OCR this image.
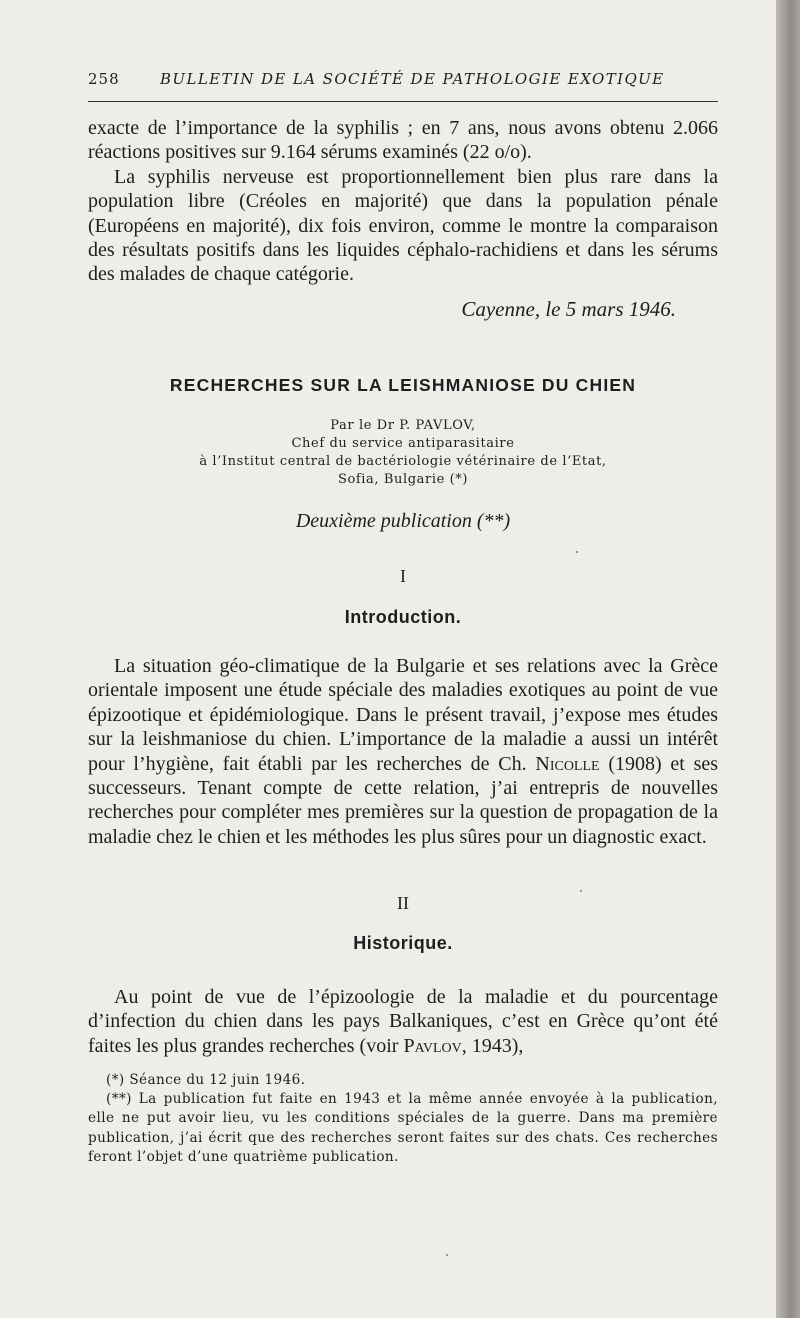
258	BULLETIN DE LA SOCIÉTÉ DE PATHOLOGIE EXOTIQUE

exacte de l’importance de la syphilis ; en 7 ans, nous avons obtenu 2.066 réactions positives sur 9.164 sérums examinés (22 o/o).

La syphilis nerveuse est proportionnellement bien plus rare dans la population libre (Créoles en majorité) que dans la population pénale (Européens en majorité), dix fois environ, comme le montre la comparaison des résultats positifs dans les liquides céphalo-rachidiens et dans les sérums des malades de chaque catégorie.

Cayenne, le 5 mars 1946.
RECHERCHES SUR LA LEISHMANIOSE DU CHIEN
Par le Dr P. PAVLOV,
Chef du service antiparasitaire
à l’Institut central de bactériologie vétérinaire de l’Etat,
Sofia, Bulgarie (*)
Deuxième publication (**)
I
Introduction.

La situation géo-climatique de la Bulgarie et ses relations avec la Grèce orientale imposent une étude spéciale des maladies exotiques au point de vue épizootique et épidémiologique. Dans le présent travail, j’expose mes études sur la leishmaniose du chien. L’importance de la maladie a aussi un intérêt pour l’hygiène, fait établi par les recherches de Ch. Nicolle (1908) et ses successeurs. Tenant compte de cette relation, j’ai entrepris de nouvelles recherches pour compléter mes premières sur la question de propagation de la maladie chez le chien et les méthodes les plus sûres pour un diagnostic exact.

II
Historique.

Au point de vue de l’épizoologie de la maladie et du pourcentage d’infection du chien dans les pays Balkaniques, c’est en Grèce qu’ont été faites les plus grandes recherches (voir Pavlov, 1943),

(*) Séance du 12 juin 1946.

(**) La publication fut faite en 1943 et la même année envoyée à la publication, elle ne put avoir lieu, vu les conditions spéciales de la guerre. Dans ma première publication, j’ai écrit que des recherches seront faites sur des chats. Ces recherches feront l’objet d’une quatrième publication.
